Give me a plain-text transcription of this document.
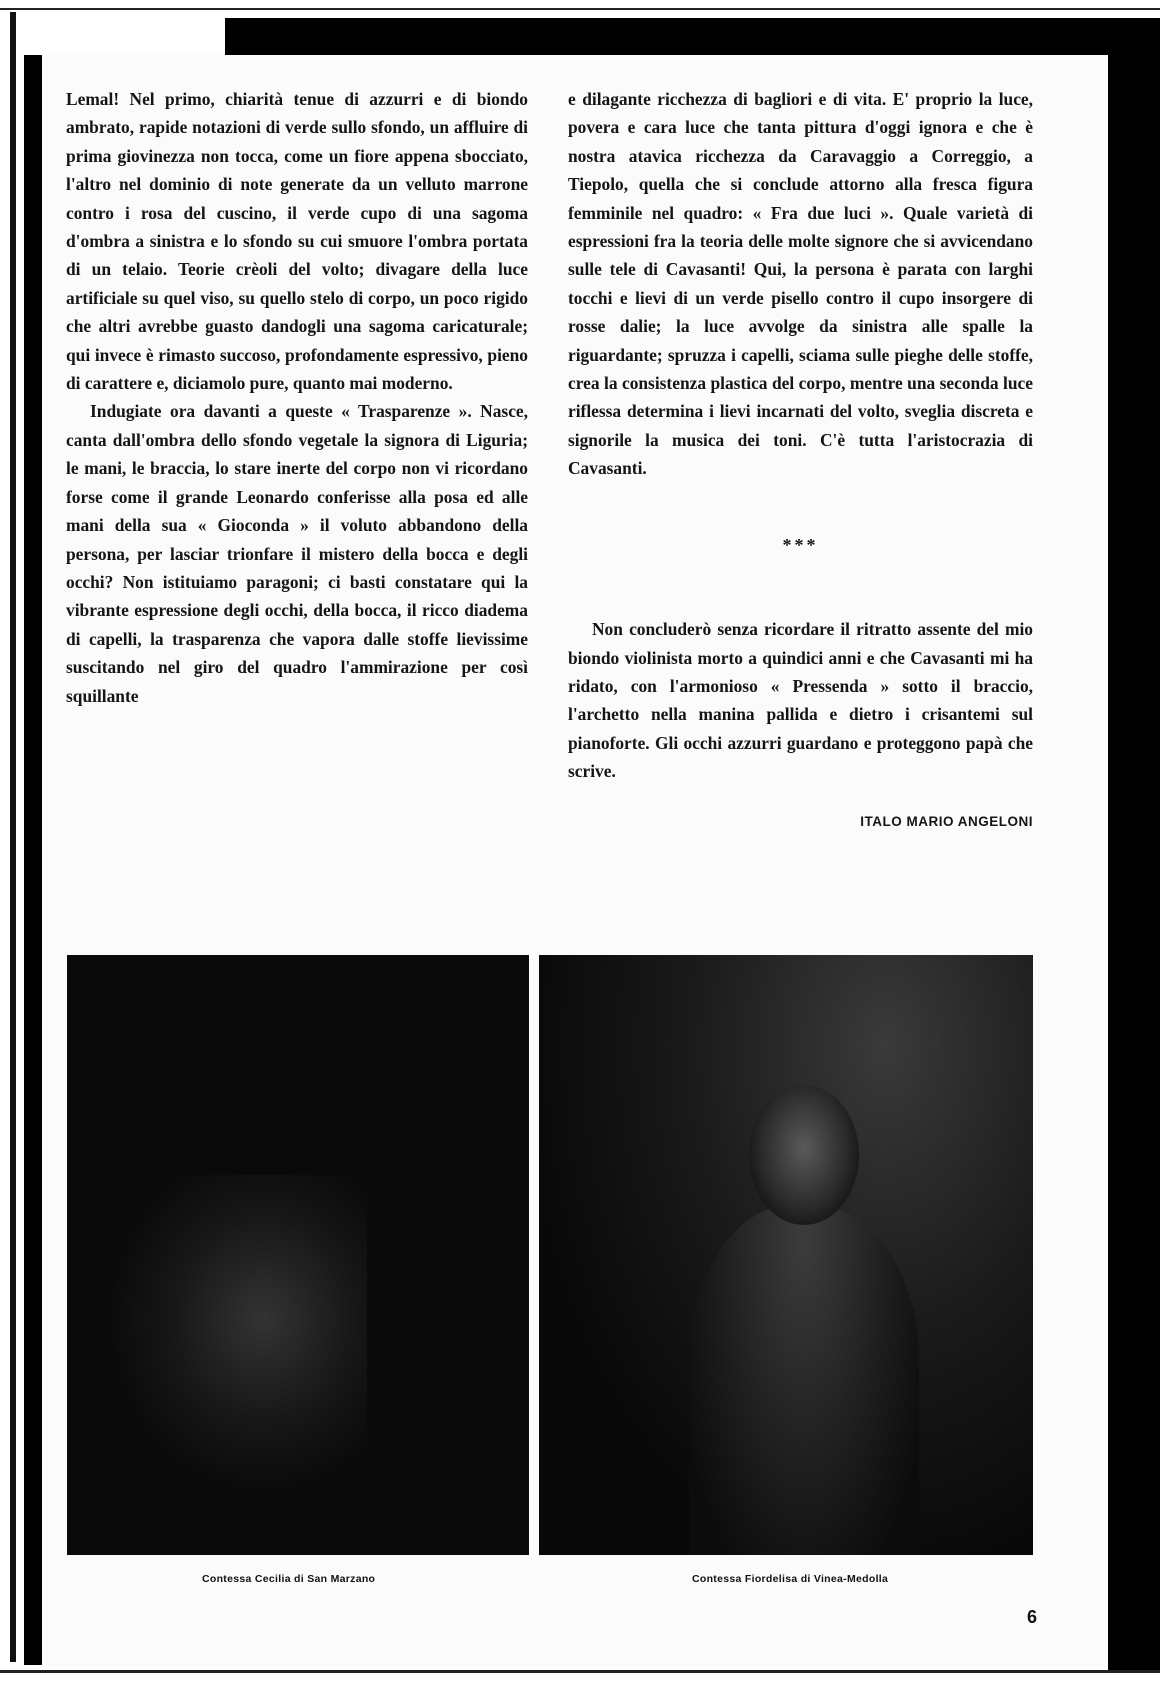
Lemal! Nel primo, chiarità tenue di azzurri e di biondo ambrato, rapide notazioni di verde sullo sfondo, un affluire di prima giovinezza non tocca, come un fiore appena sbocciato, l'altro nel dominio di note generate da un velluto marrone contro i rosa del cuscino, il verde cupo di una sagoma d'ombra a sinistra e lo sfondo su cui smuore l'ombra portata di un telaio. Teorie crèoli del volto; divagare della luce artificiale su quel viso, su quello stelo di corpo, un poco rigido che altri avrebbe guasto dandogli una sagoma caricaturale; qui invece è rimasto succoso, profondamente espressivo, pieno di carattere e, diciamolo pure, quanto mai moderno.

Indugiate ora davanti a queste « Trasparenze ». Nasce, canta dall'ombra dello sfondo vegetale la signora di Liguria; le mani, le braccia, lo stare inerte del corpo non vi ricordano forse come il grande Leonardo conferisse alla posa ed alle mani della sua « Gioconda » il voluto abbandono della persona, per lasciar trionfare il mistero della bocca e degli occhi? Non istituiamo paragoni; ci basti constatare qui la vibrante espressione degli occhi, della bocca, il ricco diadema di capelli, la trasparenza che vapora dalle stoffe lievissime suscitando nel giro del quadro l'ammirazione per così squillante

e dilagante ricchezza di bagliori e di vita. E' proprio la luce, povera e cara luce che tanta pittura d'oggi ignora e che è nostra atavica ricchezza da Caravaggio a Correggio, a Tiepolo, quella che si conclude attorno alla fresca figura femminile nel quadro: « Fra due luci ». Quale varietà di espressioni fra la teoria delle molte signore che si avvicendano sulle tele di Cavasanti! Qui, la persona è parata con larghi tocchi e lievi di un verde pisello contro il cupo insorgere di rosse dalie; la luce avvolge da sinistra alle spalle la riguardante; spruzza i capelli, sciama sulle pieghe delle stoffe, crea la consistenza plastica del corpo, mentre una seconda luce riflessa determina i lievi incarnati del volto, sveglia discreta e signorile la musica dei toni. C'è tutta l'aristocrazia di Cavasanti.

***

Non concluderò senza ricordare il ritratto assente del mio biondo violinista morto a quindici anni e che Cavasanti mi ha ridato, con l'armonioso « Pressenda » sotto il braccio, l'archetto nella manina pallida e dietro i crisantemi sul pianoforte. Gli occhi azzurri guardano e proteggono papà che scrive.

ITALO MARIO ANGELONI

Contessa Cecilia di San Marzano	Contessa Fiordelisa di Vinea-Medolla
6
